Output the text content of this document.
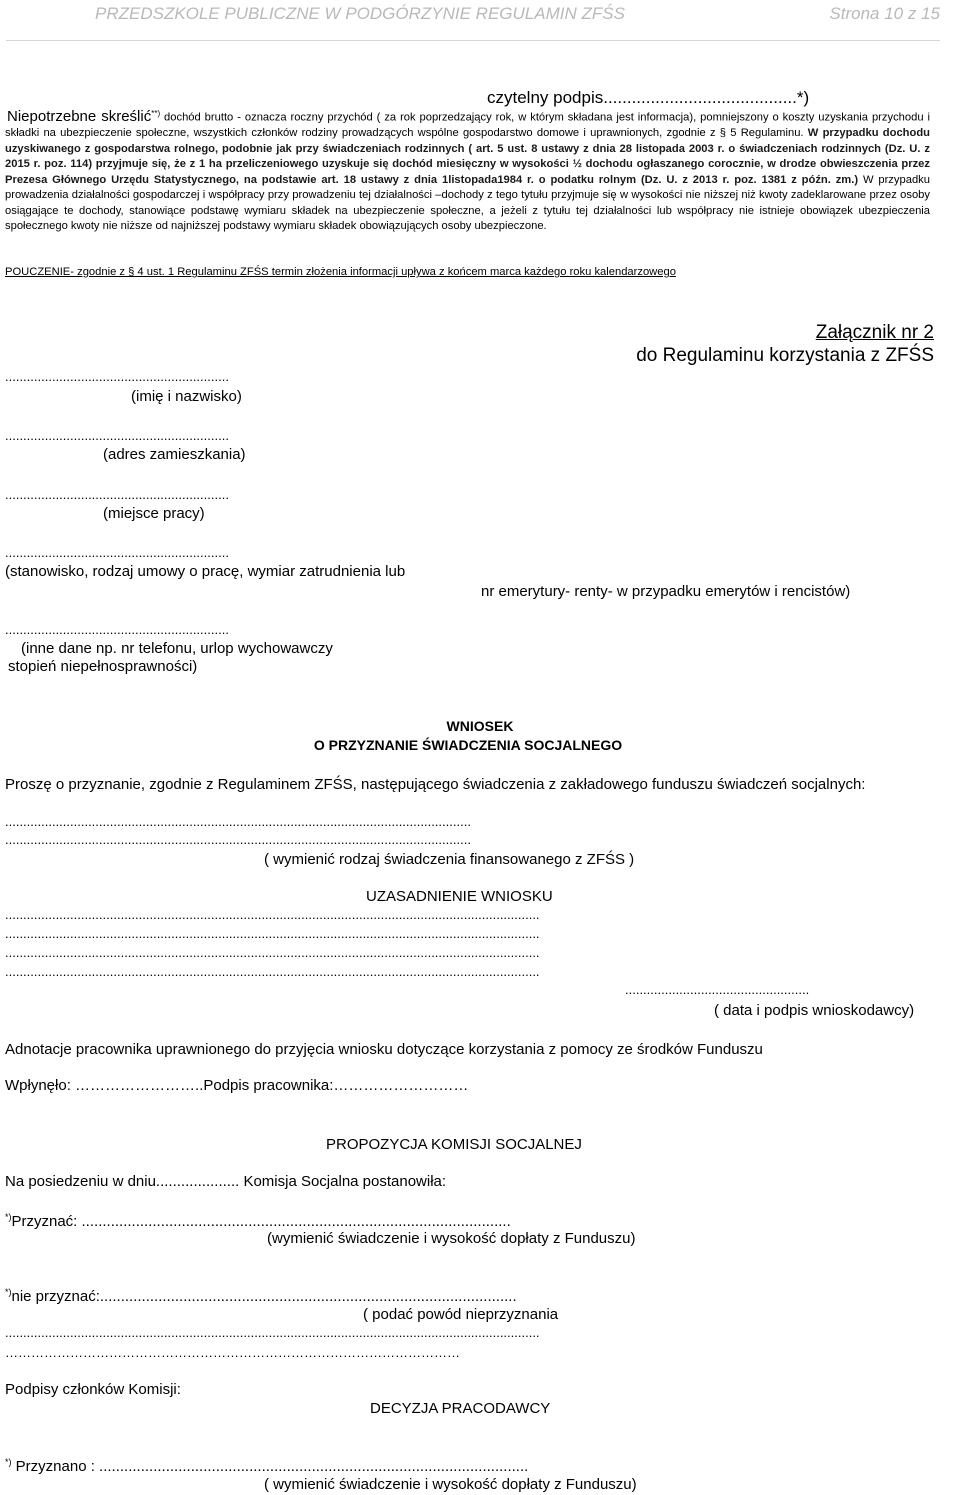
PRZEDSZKOLE PUBLICZNE W PODGÓRZYNIE REGULAMIN ZFŚS	Strona 10 z 15
czytelny podpis.........................................*)
Niepotrzebne skreślić**) dochód brutto - oznacza roczny przychód ( za rok poprzedzający rok, w którym składana jest informacja), pomniejszony o koszty uzyskania przychodu i składki na ubezpieczenie społeczne, wszystkich członków rodziny prowadzących wspólne gospodarstwo domowe i uprawnionych, zgodnie z § 5 Regulaminu. W przypadku dochodu uzyskiwanego z gospodarstwa rolnego, podobnie jak przy świadczeniach rodzinnych ( art. 5 ust. 8 ustawy z dnia 28 listopada 2003 r. o świadczeniach rodzinnych (Dz. U. z 2015 r. poz. 114) przyjmuje się, że z 1 ha przeliczeniowego uzyskuje się dochód miesięczny w wysokości ½ dochodu ogłaszanego corocznie, w drodze obwieszczenia przez Prezesa Głównego Urzędu Statystycznego, na podstawie art. 18 ustawy z dnia 1listopada1984 r. o podatku rolnym (Dz. U. z 2013 r. poz. 1381 z późn. zm.) W przypadku prowadzenia działalności gospodarczej i współpracy przy prowadzeniu tej działalności –dochody z tego tytułu przyjmuje się w wysokości nie niższej niż kwoty zadeklarowane przez osoby osiągające te dochody, stanowiące podstawę wymiaru składek na ubezpieczenie społeczne, a jeżeli z tytułu tej działalności lub współpracy nie istnieje obowiązek ubezpieczenia społecznego kwoty nie niższe od najniższej podstawy wymiaru składek obowiązujących osoby ubezpieczone.
POUCZENIE- zgodnie z § 4 ust. 1 Regulaminu ZFŚS termin złożenia informacji upływa z końcem marca każdego roku kalendarzowego
Załącznik nr 2
do Regulaminu korzystania z ZFŚS
..............................................................
(imię i nazwisko)
..............................................................
(adres zamieszkania)
..............................................................
(miejsce pracy)
..............................................................
(stanowisko, rodzaj umowy o pracę, wymiar zatrudnienia lub
nr emerytury- renty- w przypadku emerytów i rencistów)
..............................................................
(inne dane np. nr telefonu, urlop wychowawczy
stopień niepełnosprawności)
WNIOSEK
O PRZYZNANIE ŚWIADCZENIA SOCJALNEGO
Proszę o przyznanie, zgodnie z Regulaminem ZFŚS, następującego świadczenia z zakładowego funduszu świadczeń socjalnych:
.................................................................................................................................
.................................................................................................................................
( wymienić rodzaj świadczenia finansowanego z ZFŚS )
UZASADNIENIE WNIOSKU
....................................................................................................................................................
....................................................................................................................................................
....................................................................................................................................................
....................................................................................................................................................
...................................................
( data i podpis wnioskodawcy)
Adnotacje pracownika uprawnionego do przyjęcia wniosku dotyczące korzystania z pomocy ze środków Funduszu
Wpłynęło: ……………………..Podpis pracownika:………………………
PROPOZYCJA KOMISJI SOCJALNEJ
Na posiedzeniu w dniu.................... Komisja Socjalna postanowiła:
*)Przyznać: .......................................................................................................
(wymienić świadczenie i wysokość dopłaty z Funduszu)
*)nie przyznać:....................................................................................................
( podać powód nieprzyznania
....................................................................................................................................................
……………………………………………………………………………………………
Podpisy członków Komisji:
DECYZJA PRACODAWCY
*) Przyznano : .......................................................................................................
( wymienić świadczenie i wysokość dopłaty z Funduszu)
